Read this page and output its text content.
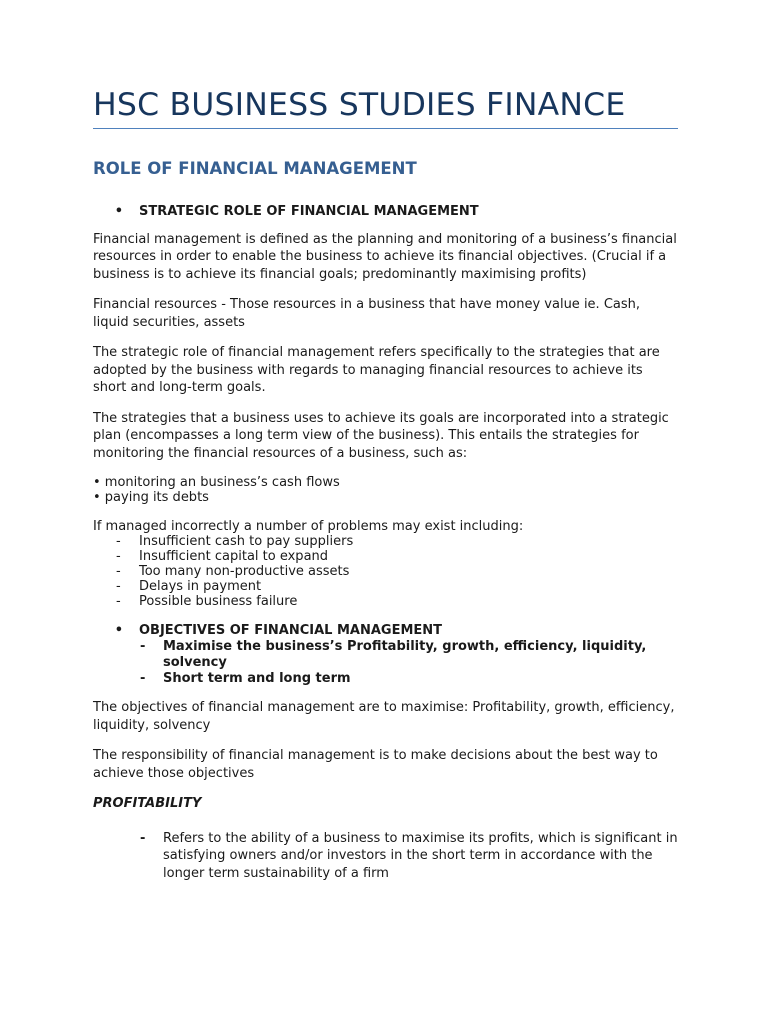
HSC BUSINESS STUDIES FINANCE
ROLE OF FINANCIAL MANAGEMENT
•	STRATEGIC ROLE OF FINANCIAL MANAGEMENT

Financial management is defined as the planning and monitoring of a business’s financial resources in order to enable the business to achieve its financial objectives. (Crucial if a business is to achieve its financial goals; predominantly maximising profits)

Financial resources - Those resources in a business that have money value ie. Cash, liquid securities, assets

The strategic role of financial management refers specifically to the strategies that are adopted by the business with regards to managing financial resources to achieve its short and long-term goals.

The strategies that a business uses to achieve its goals are incorporated into a strategic plan (encompasses a long term view of the business). This entails the strategies for monitoring the financial resources of a business, such as:

• monitoring an business’s cash flows

• paying its debts

If managed incorrectly a number of problems may exist including:

-	Insufficient cash to pay suppliers
-	Insufficient capital to expand
-	Too many non-productive assets
-	Delays in payment
-	Possible business failure
•	OBJECTIVES OF FINANCIAL MANAGEMENT
-	Maximise the business’s Profitability, growth, efficiency, liquidity, solvency
-	Short term and long term

The objectives of financial management are to maximise: Profitability, growth, efficiency, liquidity, solvency

The responsibility of financial management is to make decisions about the best way to achieve those objectives

PROFITABILITY

-	Refers to the ability of a business to maximise its profits, which is significant in satisfying owners and/or investors in the short term in accordance with the longer term sustainability of a firm
